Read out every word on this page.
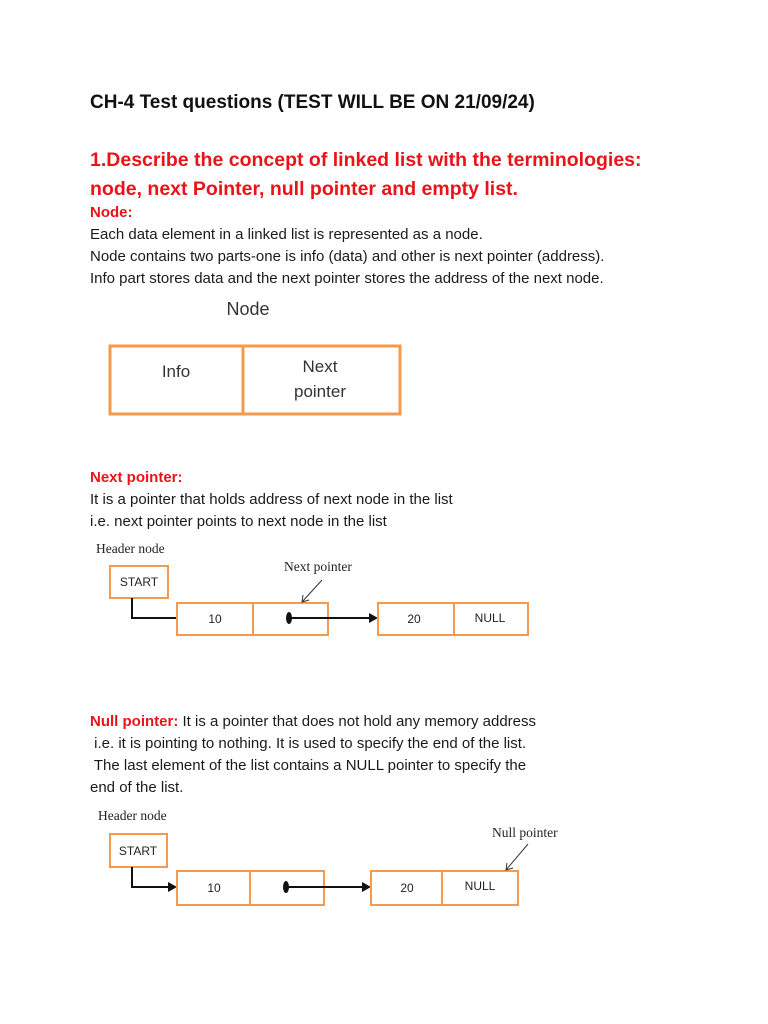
CH-4 Test questions (TEST WILL BE ON 21/09/24)
1.Describe the concept of linked list with the terminologies:
node, next Pointer, null pointer and empty list.
Node:
Each data element in a linked list is represented as a node.
Node contains two parts-one is info (data) and other is next pointer (address).
Info part stores data and the next pointer stores the address of the next node.
Node
Info	Next
pointer
Next pointer:
It is a pointer that holds address of next node in the list
i.e. next pointer points to next node in the list
Header node
START
10	20	NULL
Next pointer
Null pointer: It is a pointer that does not hold any memory address
i.e. it is pointing to nothing. It is used to specify the end of the list.
The last element of the list contains a NULL pointer to specify the
end of the list.
Header node
START
10	20	NULL
Null pointer
